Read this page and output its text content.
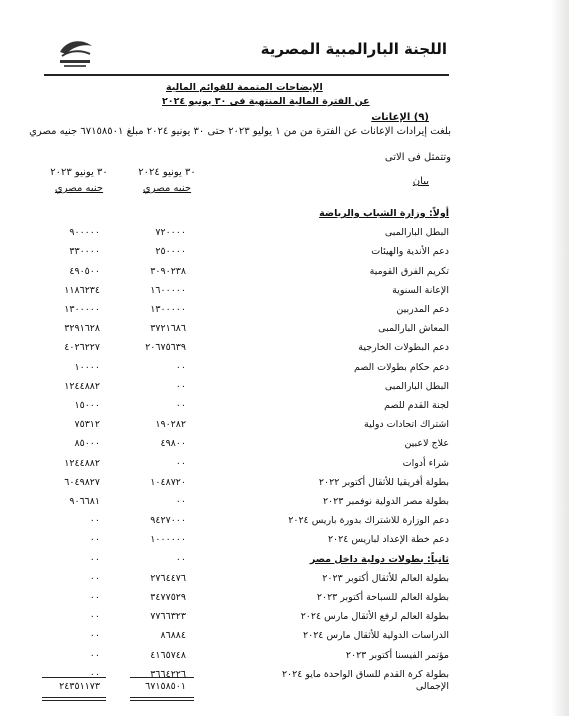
اللجنة البارالمبية المصرية
الإيضاحات المتممة للقوائم المالية
عن الفترة المالية المنتهية فى ٣٠ يونيو ٢٠٢٤
(٩) الإعانات
بلغت إيرادات الإعانات عن الفترة من من ١ يوليو ٢٠٢٣ حتى ٣٠ يونيو ٢٠٢٤ مبلغ ٦٧١٥٨٥٠١ جنيه مصري
وتتمثل فى الاتى
بيان
٣٠ يونيو ٢٠٢٤
جنيه مصري
٣٠ يونيو ٢٠٢٣
جنيه مصري
أولاً: وزارة الشباب والرياضة
البطل البارالمبى
٧٢٠٠٠٠
٩٠٠٠٠٠
دعم الأندية والهيئات
٢٥٠٠٠٠
٣٣٠٠٠٠
تكريم الفرق القومية
٣٠٩٠٢٣٨
٤٩٠٥٠٠
الإعانة السنوية
١٦٠٠٠٠٠
١١٨٦٢٣٤
دعم المدربين
١٣٠٠٠٠٠
١٣٠٠٠٠٠
المعاش البارالمبى
٣٧٢١٦٨٦
٣٢٩١٦٢٨
دعم البطولات الخارجية
٢٠٦٧٥٦٣٩
٤٠٢٦٢٢٧
دعم حكام بطولات الصم
٠٠
١٠٠٠٠
البطل البارالمبى
٠٠
١٢٤٤٨٨٢
لجنة القدم للصم
٠٠
١٥٠٠٠
اشتراك اتحادات دولية
١٩٠٢٨٢
٧٥٣١٢
علاج لاعبين
٤٩٨٠٠
٨٥٠٠٠
شراء أدوات
٠٠
١٢٤٤٨٨٢
بطولة أفريقيا للأثقال أكتوبر ٢٠٢٢
١٠٤٨٧٢٠
٦٠٤٩٨٢٧
بطولة مصر الدولية نوفمبر ٢٠٢٣
٠٠
٩٠٦٦٨١
دعم الوزارة للاشتراك بدورة باريس ٢٠٢٤
٩٤٢٧٠٠٠
٠٠
دعم خطة الإعداد لباريس ٢٠٢٤
١٠٠٠٠٠٠
٠٠
ثانياً: بطولات دولية داخل مصر
٠٠
٠٠
بطولة العالم للأثقال أكتوبر ٢٠٢٣
٢٧٦٤٤٧٦
٠٠
بطولة العالم للسباحة أكتوبر ٢٠٢٣
٣٤٧٧٥٢٩
٠٠
بطولة العالم لرفع الأثقال مارس ٢٠٢٤
٧٧٦٦٣٢٣
٠٠
الدراسات الدولية للأثقال مارس ٢٠٢٤
٨٦٨٨٤
٠٠
مؤتمر الفيسنا أكتوبر ٢٠٢٣
٤١٦٥٧٤٨
٠٠
بطولة كرة القدم للساق الواحدة مايو ٢٠٢٤
٣٦٦٤٢٢٦
٠٠
الإجمالى
٦٧١٥٨٥٠١
٢٤٣٥١١٧٣
